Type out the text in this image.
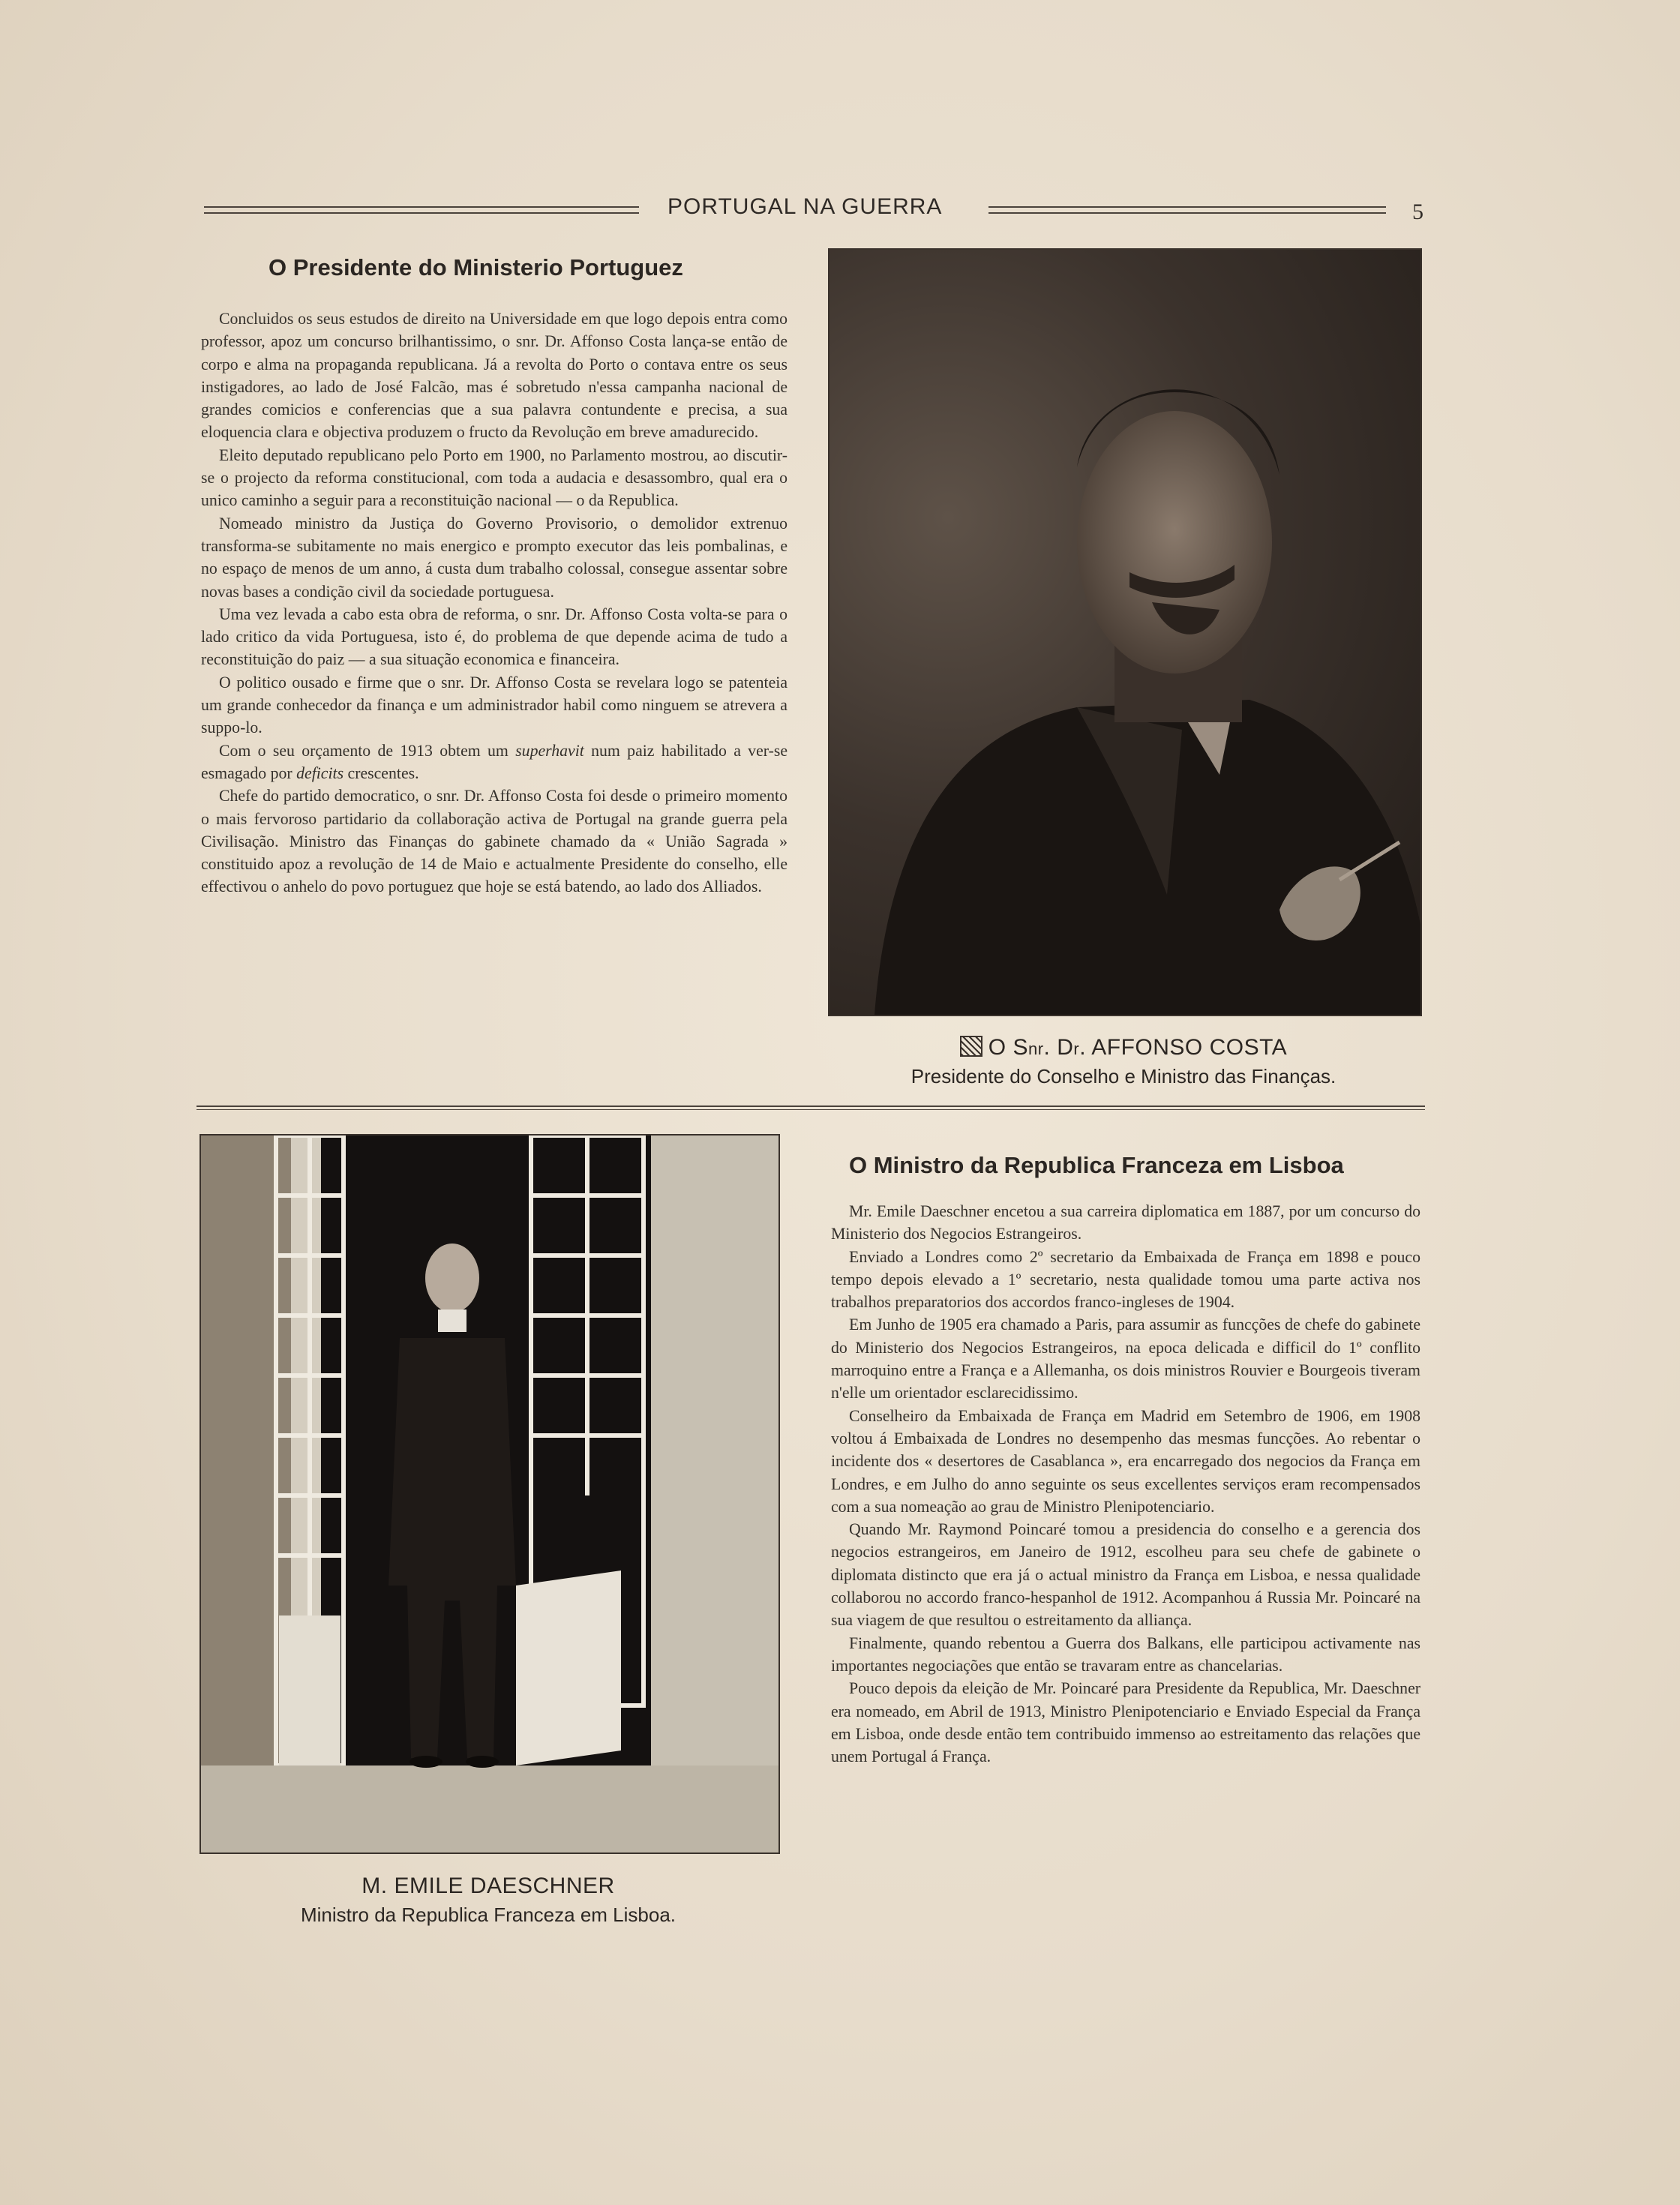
PORTUGAL NA GUERRA	5
O Presidente do Ministerio Portuguez

Concluidos os seus estudos de direito na Universidade em que logo depois entra como professor, apoz um concurso brilhantissimo, o snr. Dr. Affonso Costa lança-se então de corpo e alma na propaganda republicana. Já a revolta do Porto o contava entre os seus instigadores, ao lado de José Falcão, mas é sobretudo n'essa campanha nacional de grandes comicios e conferencias que a sua palavra contundente e precisa, a sua eloquencia clara e objectiva produzem o fructo da Revolução em breve amadurecido.

Eleito deputado republicano pelo Porto em 1900, no Parlamento mostrou, ao discutir-se o projecto da reforma constitucional, com toda a audacia e desassombro, qual era o unico caminho a seguir para a reconstituição nacional — o da Republica.

Nomeado ministro da Justiça do Governo Provisorio, o demolidor extrenuo transforma-se subitamente no mais energico e prompto executor das leis pombalinas, e no espaço de menos de um anno, á custa dum trabalho colossal, consegue assentar sobre novas bases a condição civil da sociedade portuguesa.

Uma vez levada a cabo esta obra de reforma, o snr. Dr. Affonso Costa volta-se para o lado critico da vida Portuguesa, isto é, do problema de que depende acima de tudo a reconstituição do paiz — a sua situação economica e financeira.

O politico ousado e firme que o snr. Dr. Affonso Costa se revelara logo se patenteia um grande conhecedor da finança e um administrador habil como ninguem se atrevera a suppo-lo.

Com o seu orçamento de 1913 obtem um superhavit num paiz habilitado a ver-se esmagado por deficits crescentes.

Chefe do partido democratico, o snr. Dr. Affonso Costa foi desde o primeiro momento o mais fervoroso partidario da collaboração activa de Portugal na grande guerra pela Civilisação. Ministro das Finanças do gabinete chamado da « União Sagrada » constituido apoz a revolução de 14 de Maio e actualmente Presidente do conselho, elle effectivou o anhelo do povo portuguez que hoje se está batendo, ao lado dos Alliados.

O Snr. Dr. AFFONSO COSTA
Presidente do Conselho e Ministro das Finanças.
M. EMILE DAESCHNER
Ministro da Republica Franceza em Lisboa.
O Ministro da Republica Franceza em Lisboa

Mr. Emile Daeschner encetou a sua carreira diplomatica em 1887, por um concurso do Ministerio dos Negocios Estrangeiros.

Enviado a Londres como 2º secretario da Embaixada de França em 1898 e pouco tempo depois elevado a 1º secretario, nesta qualidade tomou uma parte activa nos trabalhos preparatorios dos accordos franco-ingleses de 1904.

Em Junho de 1905 era chamado a Paris, para assumir as funcções de chefe do gabinete do Ministerio dos Negocios Estrangeiros, na epoca delicada e difficil do 1º conflito marroquino entre a França e a Allemanha, os dois ministros Rouvier e Bourgeois tiveram n'elle um orientador esclarecidissimo.

Conselheiro da Embaixada de França em Madrid em Setembro de 1906, em 1908 voltou á Embaixada de Londres no desempenho das mesmas funcções. Ao rebentar o incidente dos « desertores de Casablanca », era encarregado dos negocios da França em Londres, e em Julho do anno seguinte os seus excellentes serviços eram recompensados com a sua nomeação ao grau de Ministro Plenipotenciario.

Quando Mr. Raymond Poincaré tomou a presidencia do conselho e a gerencia dos negocios estrangeiros, em Janeiro de 1912, escolheu para seu chefe de gabinete o diplomata distincto que era já o actual ministro da França em Lisboa, e nessa qualidade collaborou no accordo franco-hespanhol de 1912. Acompanhou á Russia Mr. Poincaré na sua viagem de que resultou o estreitamento da alliança.

Finalmente, quando rebentou a Guerra dos Balkans, elle participou activamente nas importantes negociações que então se travaram entre as chancelarias.

Pouco depois da eleição de Mr. Poincaré para Presidente da Republica, Mr. Daeschner era nomeado, em Abril de 1913, Ministro Plenipotenciario e Enviado Especial da França em Lisboa, onde desde então tem contribuido immenso ao estreitamento das relações que unem Portugal á França.
